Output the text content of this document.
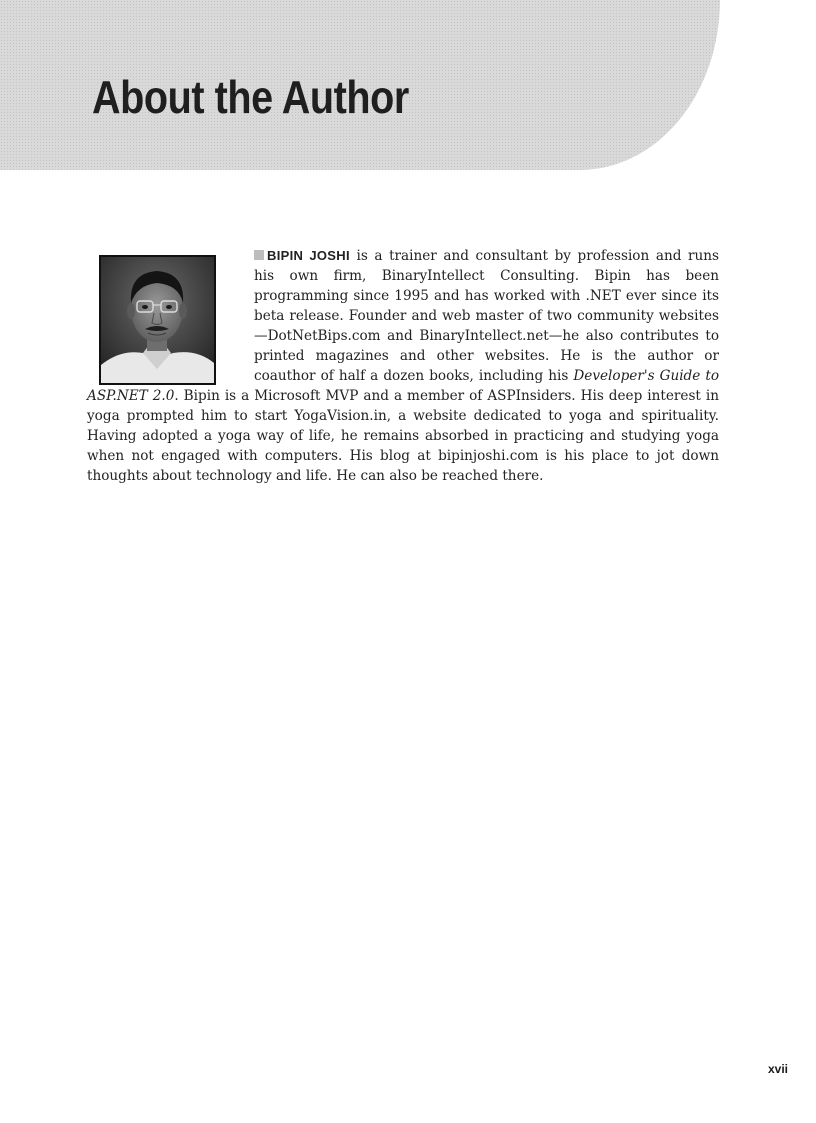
About the Author
BIPIN JOSHI is a trainer and consultant by profession and runs his own firm, BinaryIntellect Consulting. Bipin has been programming since 1995 and has worked with .NET ever since its beta release. Founder and web master of two community websites—DotNetBips.com and BinaryIntellect.net—he also contributes to printed magazines and other websites. He is the author or coauthor of half a dozen books, including his Developer's Guide to ASP.NET 2.0. Bipin is a Microsoft MVP and a member of ASPInsiders. His deep interest in yoga prompted him to start YogaVision.in, a website dedicated to yoga and spirituality. Having adopted a yoga way of life, he remains absorbed in practicing and studying yoga when not engaged with computers. His blog at bipinjoshi.com is his place to jot down thoughts about technology and life. He can also be reached there.
xvii
